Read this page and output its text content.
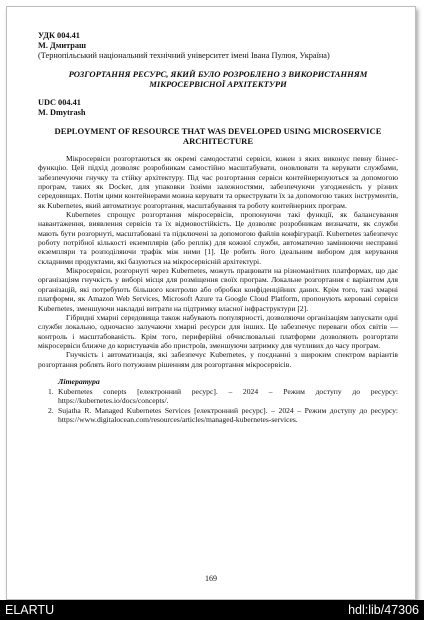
УДК 004.41
М. Дмитраш
(Тернопільський національний технічний університет імені Івана Пулюя, Україна)
РОЗГОРТАННЯ РЕСУРС, ЯКИЙ БУЛО РОЗРОБЛЕНО З ВИКОРИСТАННЯМ МІКРОСЕРВІСНОЇ АРХІТЕКТУРИ
UDC 004.41
M. Dmytrash
DEPLOYMENT OF RESOURCE THAT WAS DEVELOPED USING MICROSERVICE ARCHITECTURE

Мікросервіси розгортаються як окремі самодостатні сервіси, кожен з яких виконує певну бізнес-функцію. Цей підхід дозволяє розробникам самостійно масштабувати, оновлювати та керувати службами, забезпечуючи гнучку та стійку архітектуру. Під час розгортання сервіси контейнеризуються за допомогою програм, таких як Docker, для упаковки їхніми залежностями, забезпечуючи узгодженість у різних середовищах. Потім цими контейнерами можна керувати та оркеструвати їх за допомогою таких інструментів, як Kubernetes, який автоматизує розгортання, масштабування та роботу контейнерних програм.

Kubernetes спрощує розгортання мікросервісів, пропонуючи такі функції, як балансування навантаження, виявлення сервісів та їх відмовостійкість. Це дозволяє розробникам визначати, як служби мають бути розгорнуті, масштабовані та підключені за допомогою файлів конфігурації. Kubernetes забезпечує роботу потрібної кількості екземплярів (або реплік) для кожної служби, автоматично замінюючи несправні екземпляри та розподіляючи трафік між ними [1]. Це робить його ідеальним вибором для керування складними продуктами, які базуються на мікросервісній архітектурі.

Мікросервіси, розгорнуті через Kubernetes, можуть працювати на різноманітних платформах, що дає організаціям гнучкість у виборі місця для розміщення своїх програм. Локальне розгортання є варіантом для організацій, які потребують більшого контролю або обробки конфіденційних даних. Крім того, такі хмарні платформи, як Amazon Web Services, Microsoft Azure та Google Cloud Platform, пропонують керовані сервіси Kubernetes, зменшуючи накладні витрати на підтримку власної інфраструктури [2].

Гібридні хмарні середовища також набувають популярності, дозволяючи організаціям запускати одні служби локально, одночасно залучаючи хмарні ресурси для інших. Це забезпечує переваги обох світів — контроль і масштабованість. Крім того, периферійні обчислювальні платформи дозволяють розгортати мікросервіси ближче до користувачів або пристроїв, зменшуючи затримку для чутливих до часу програм.

Гнучкість і автоматизація, які забезпечує Kubernetes, у поєднанні з широким спектром варіантів розгортання роблять його потужним рішенням для розгортання мікросервісів.

Література
1. Kubernetes conepts [електронний ресурс]. – 2024 – Режим доступу до ресурсу: https://kubernetes.io/docs/concepts/.
2. Sujatha R. Managed Kubernetes Services [електронний ресурс]. – 2024 – Режим доступу до ресурсу: https://www.digitalocean.com/resources/articles/managed-kubernetes-services.
169
ELARTU	hdl:lib/47306
